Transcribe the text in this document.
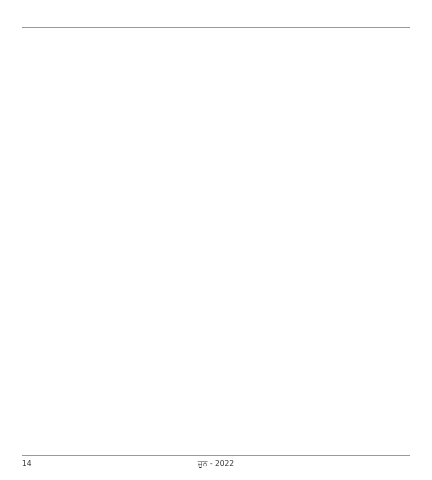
14	ਜੂਨ - 2022
